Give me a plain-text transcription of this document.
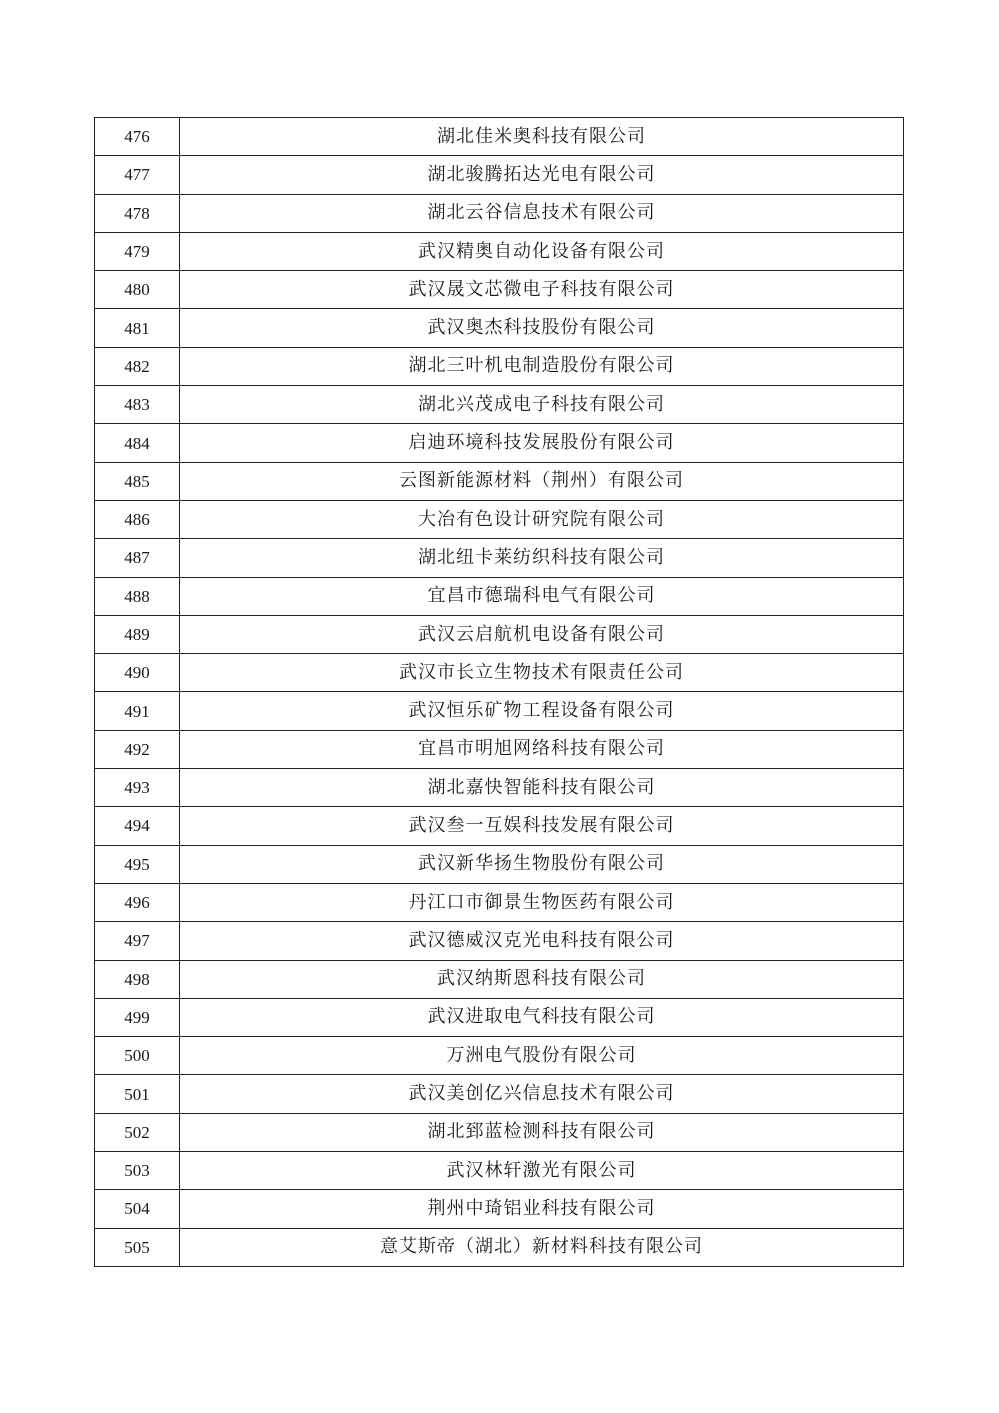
476	湖北佳米奥科技有限公司
477	湖北骏腾拓达光电有限公司
478	湖北云谷信息技术有限公司
479	武汉精奥自动化设备有限公司
480	武汉晟文芯微电子科技有限公司
481	武汉奥杰科技股份有限公司
482	湖北三叶机电制造股份有限公司
483	湖北兴茂成电子科技有限公司
484	启迪环境科技发展股份有限公司
485	云图新能源材料（荆州）有限公司
486	大冶有色设计研究院有限公司
487	湖北纽卡莱纺织科技有限公司
488	宜昌市德瑞科电气有限公司
489	武汉云启航机电设备有限公司
490	武汉市长立生物技术有限责任公司
491	武汉恒乐矿物工程设备有限公司
492	宜昌市明旭网络科技有限公司
493	湖北嘉快智能科技有限公司
494	武汉叁一互娱科技发展有限公司
495	武汉新华扬生物股份有限公司
496	丹江口市御景生物医药有限公司
497	武汉德威汉克光电科技有限公司
498	武汉纳斯恩科技有限公司
499	武汉进取电气科技有限公司
500	万洲电气股份有限公司
501	武汉美创亿兴信息技术有限公司
502	湖北郅蓝检测科技有限公司
503	武汉林轩激光有限公司
504	荆州中琦铝业科技有限公司
505	意艾斯帝（湖北）新材料科技有限公司
